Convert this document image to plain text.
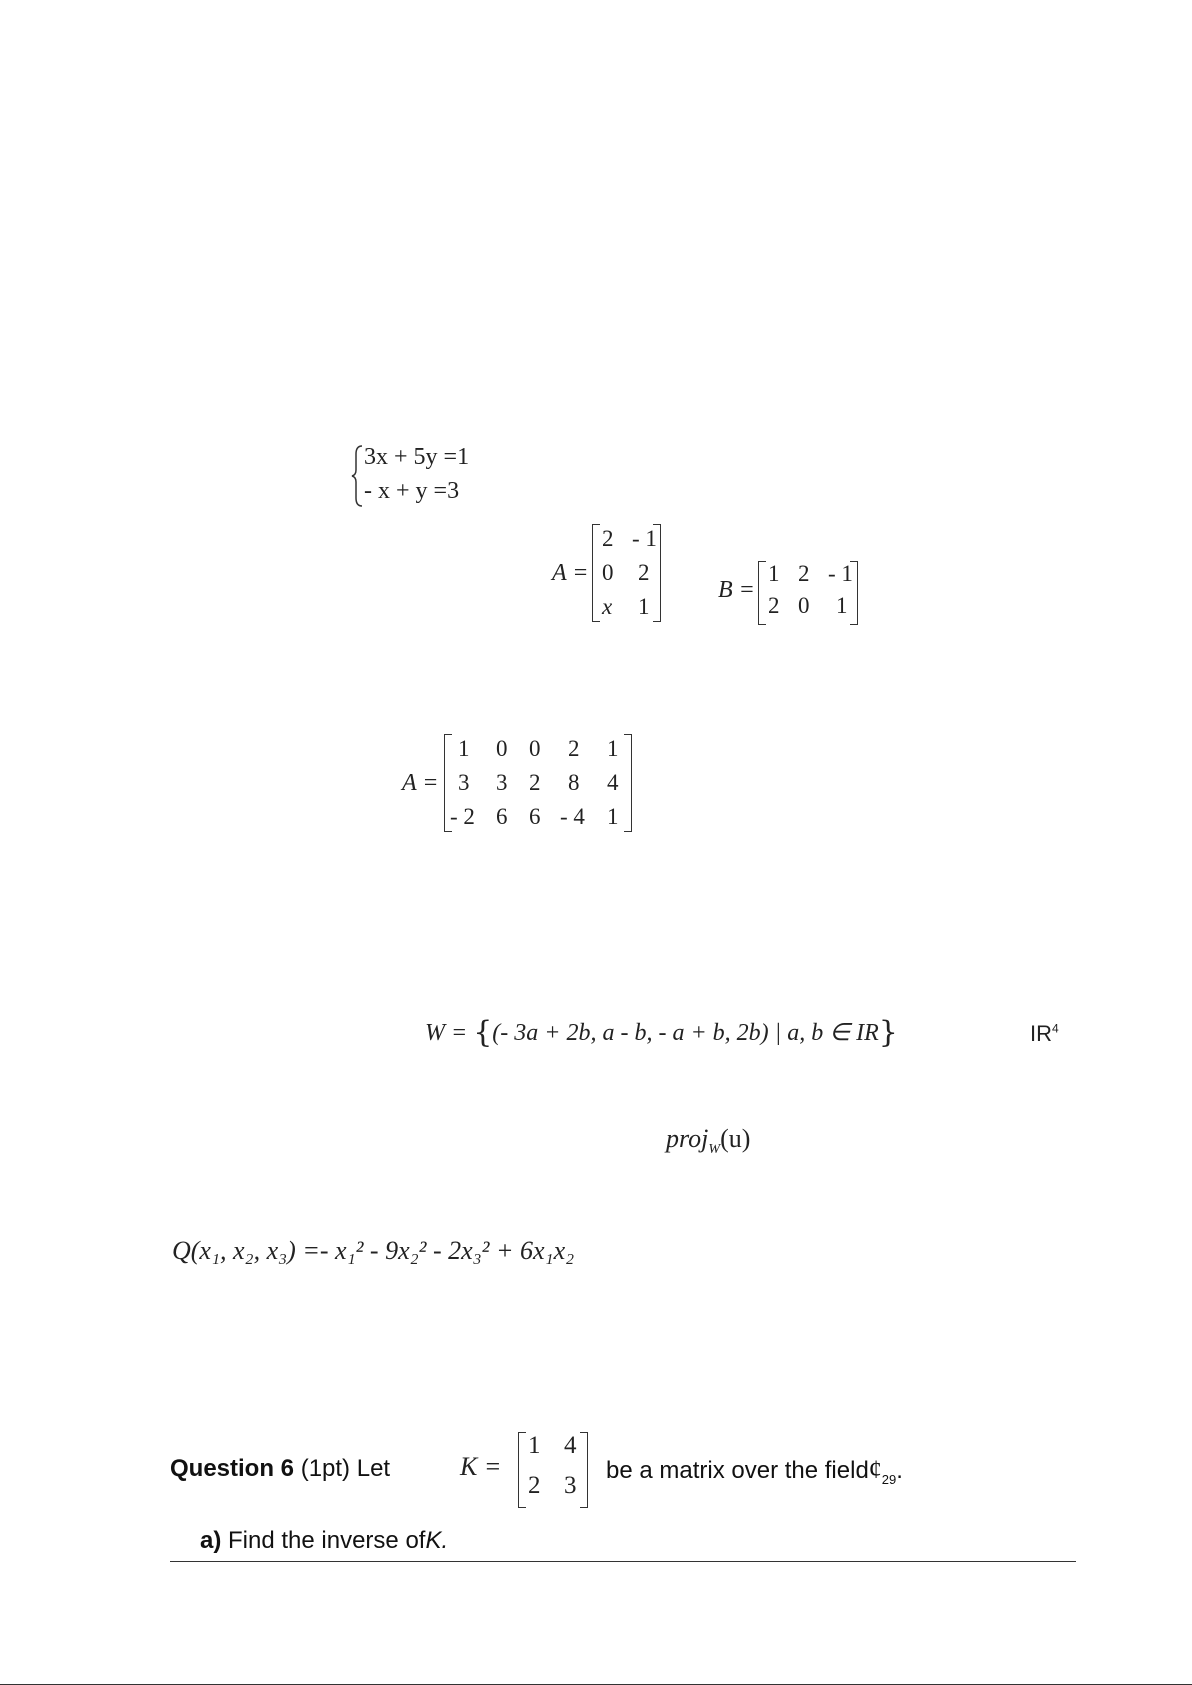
3x + 5y =1
- x + y =3
A =
2 - 1
0 2
x 1
B =
1 2 - 1
2 0 1
A =
1 0 0 2 1
3 3 2 8 4
- 2 6 6 - 4 1
W = {(- 3a + 2b, a - b, - a + b, 2b) | a, b ∈ IR}	$IR^4$
proj$_W$(u)
Q(x₁, x₂, x₃) =- x₁² - 9x₂² - 2x₃² + 6x₁x₂
Question 6 (1pt) Let	K =
1 4
2 3
be a matrix over the $field¢_{29}$.
a) Find the inverse ofK.
